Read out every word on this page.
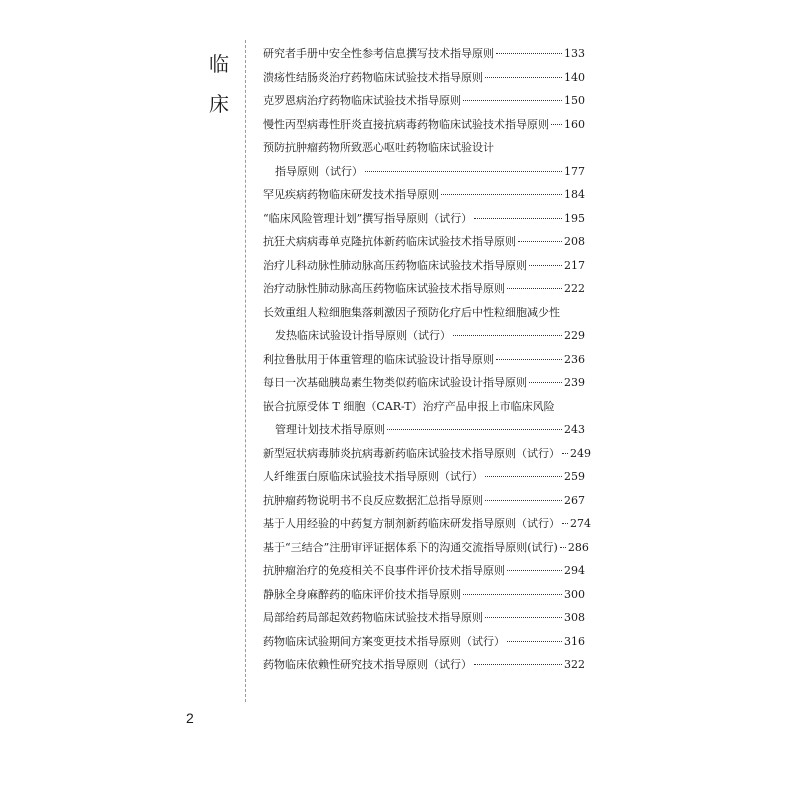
临
床
研究者手册中安全性参考信息撰写技术指导原则	133
溃疡性结肠炎治疗药物临床试验技术指导原则	140
克罗恩病治疗药物临床试验技术指导原则	150
慢性丙型病毒性肝炎直接抗病毒药物临床试验技术指导原则 160
预防抗肿瘤药物所致恶心呕吐药物临床试验设计
指导原则（试行）	177
罕见疾病药物临床研发技术指导原则	184
“临床风险管理计划”撰写指导原则（试行）	195
抗狂犬病病毒单克隆抗体新药临床试验技术指导原则	208
治疗儿科动脉性肺动脉高压药物临床试验技术指导原则	217
治疗动脉性肺动脉高压药物临床试验技术指导原则	222
长效重组人粒细胞集落刺激因子预防化疗后中性粒细胞减少性
发热临床试验设计指导原则（试行）	229
利拉鲁肽用于体重管理的临床试验设计指导原则	236
每日一次基础胰岛素生物类似药临床试验设计指导原则	239
嵌合抗原受体 T 细胞（CAR-T）治疗产品申报上市临床风险
管理计划技术指导原则	243
新型冠状病毒肺炎抗病毒新药临床试验技术指导原则（试行） 249
人纤维蛋白原临床试验技术指导原则（试行）	259
抗肿瘤药物说明书不良反应数据汇总指导原则	267
基于人用经验的中药复方制剂新药临床研发指导原则（试行） 274
基于“三结合”注册审评证据体系下的沟通交流指导原则(试行) 286
抗肿瘤治疗的免疫相关不良事件评价技术指导原则	294
静脉全身麻醉药的临床评价技术指导原则	300
局部给药局部起效药物临床试验技术指导原则	308
药物临床试验期间方案变更技术指导原则（试行）	316
药物临床依赖性研究技术指导原则（试行）	322
2
